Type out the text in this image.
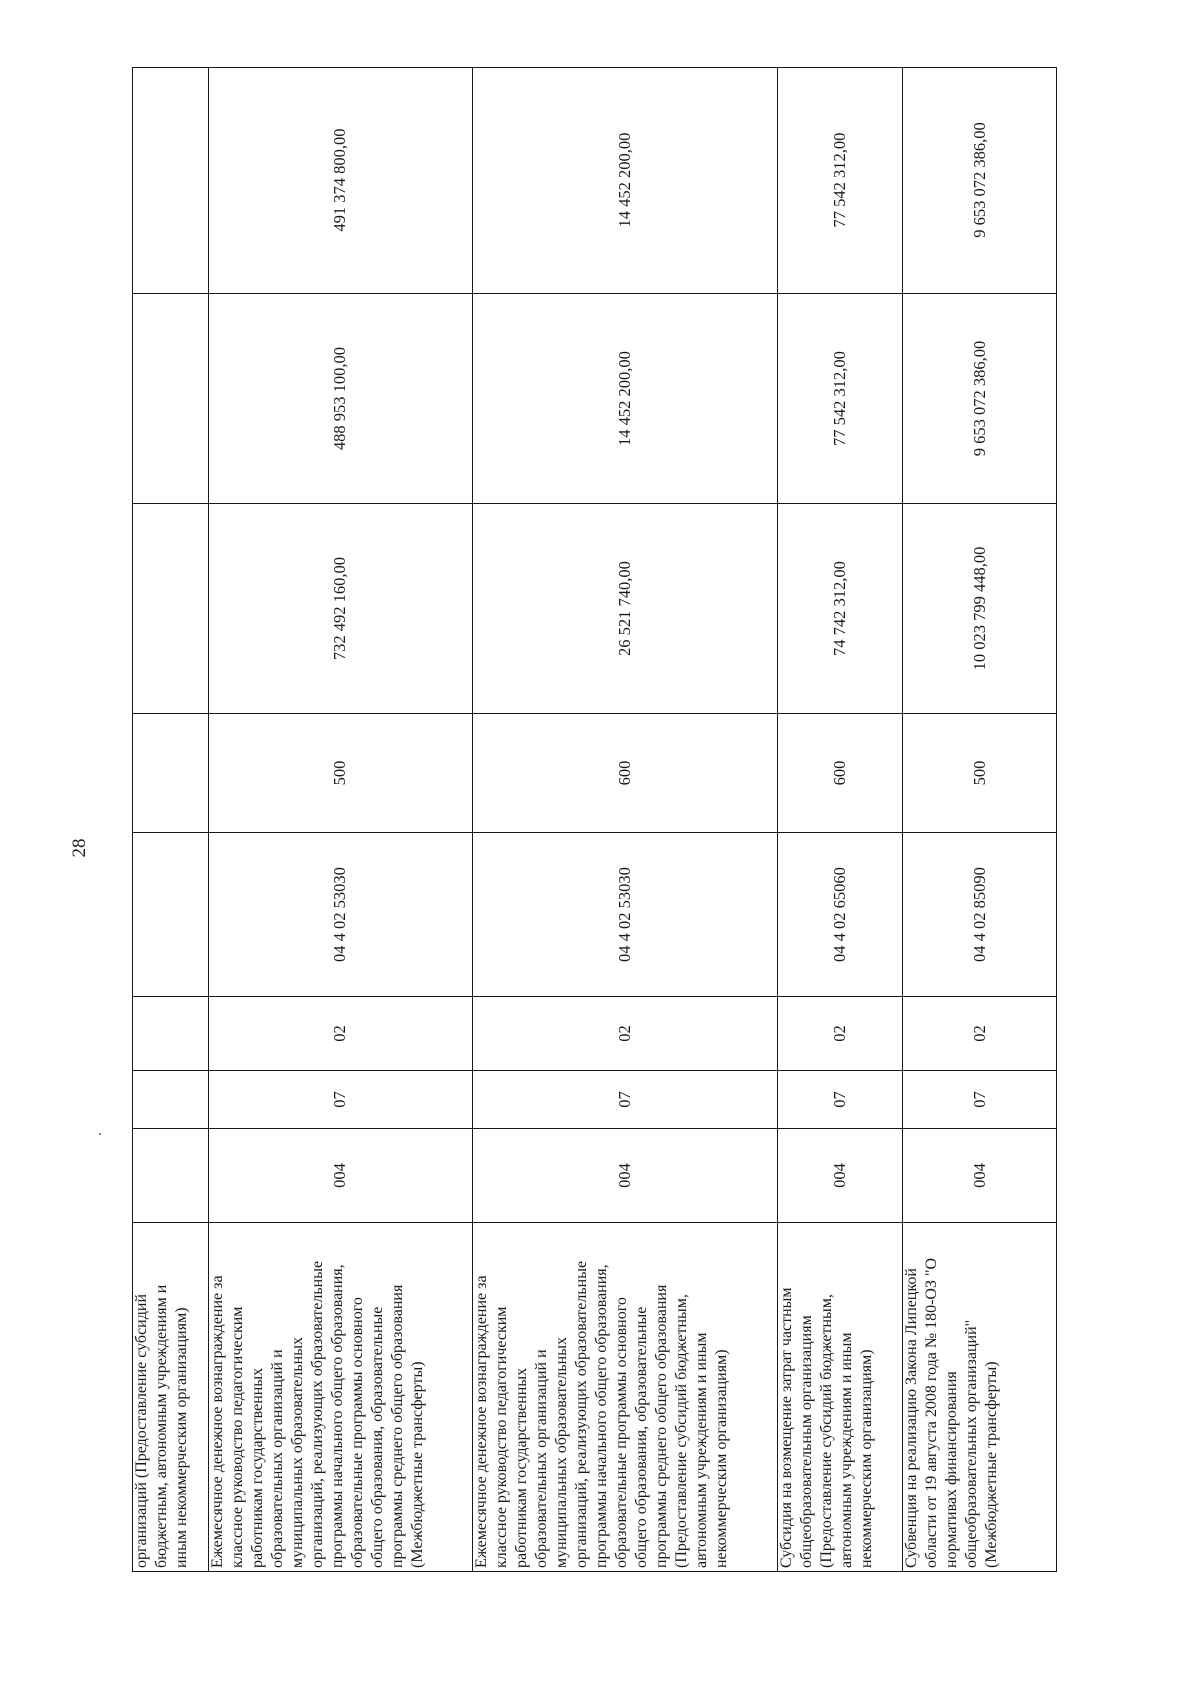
28
организаций (Предоставление субсидий бюджетным, автономным учреждениям и иным некоммерческим организациям) Ежемесячное денежное вознаграждение за классное руководство педагогическим работникам государственных образовательных организаций и муниципальных образовательных организаций, реализующих образовательные программы начального общего образования, образовательные программы основного общего образования, образовательные программы среднего общего образования (Межбюджетные трансферты)
004
07
02
04 4 02 53030
500
732 492 160,00
488 953 100,00
491 374 800,00
Ежемесячное денежное вознаграждение за классное руководство педагогическим работникам государственных образовательных организаций и муниципальных образовательных организаций, реализующих образовательные программы начального общего образования, образовательные программы основного общего образования, образовательные программы среднего общего образования (Предоставление субсидий бюджетным, автономным учреждениям и иным некоммерческим организациям)
004
07
02
04 4 02 53030
600
26 521 740,00
14 452 200,00
14 452 200,00
Субсидия на возмещение затрат частным общеобразовательным организациям (Предоставление субсидий бюджетным, автономным учреждениям и иным некоммерческим организациям)
004
07
02
04 4 02 65060
600
74 742 312,00
77 542 312,00
77 542 312,00
Субвенция на реализацию Закона Липецкой области от 19 августа 2008 года № 180-ОЗ "О нормативах финансирования общеобразовательных организаций" (Межбюджетные трансферты)
004
07
02
04 4 02 85090
500
10 023 799 448,00
9 653 072 386,00
9 653 072 386,00
